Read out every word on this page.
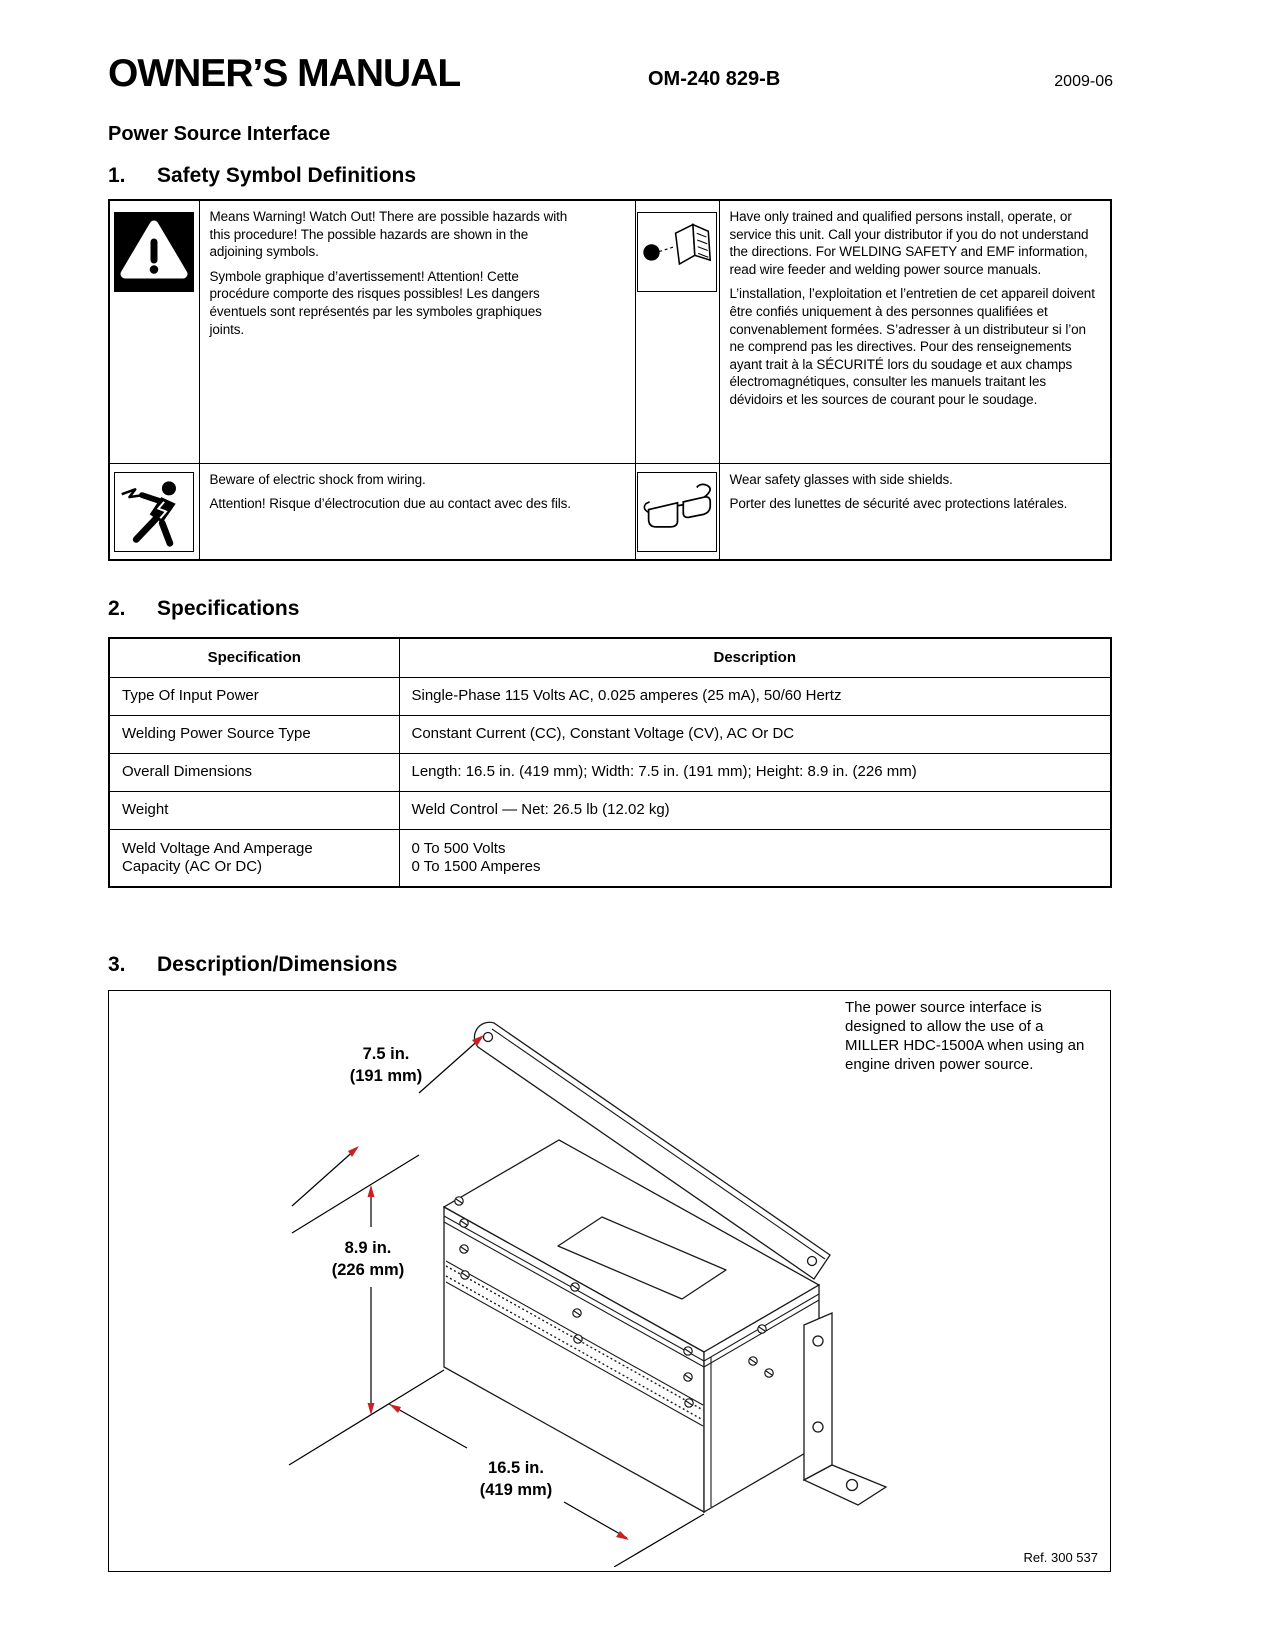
OWNER’S MANUAL	OM-240 829-B	2009-06
Power Source Interface
1.	Safety Symbol Definitions

Means Warning! Watch Out! There are possible hazards with this procedure! The possible hazards are shown in the adjoining symbols.

Symbole graphique d’avertissement! Attention! Cette procédure comporte des risques possibles! Les dangers éventuels sont représentés par les symboles graphiques joints.

Have only trained and qualified persons install, operate, or service this unit. Call your distributor if you do not understand the directions. For WELDING SAFETY and EMF information, read wire feeder and welding power source manuals.

L’installation, l’exploitation et l’entretien de cet appareil doivent être confiés uniquement à des personnes qualifiées et convenablement formées. S’adresser à un distributeur si l’on ne comprend pas les directives. Pour des renseignements ayant trait à la SÉCURITÉ lors du soudage et aux champs électromagnétiques, consulter les manuels traitant les dévidoirs et les sources de courant pour le soudage.

Beware of electric shock from wiring.

Attention! Risque d’électrocution due au contact avec des fils.

Wear safety glasses with side shields.

Porter des lunettes de sécurité avec protections latérales.

2.	Specifications
Specification	Description
Type Of Input Power	Single-Phase 115 Volts AC, 0.025 amperes (25 mA), 50/60 Hertz
Welding Power Source Type	Constant Current (CC), Constant Voltage (CV), AC Or DC
Overall Dimensions	Length: 16.5 in. (419 mm); Width: 7.5 in. (191 mm); Height: 8.9 in. (226 mm)
Weight	Weld Control — Net: 26.5 lb (12.02 kg)
Weld Voltage And Amperage Capacity (AC Or DC)	0 To 500 Volts
0 To 1500 Amperes
3.	Description/Dimensions
The power source interface is designed to allow the use of a MILLER HDC-1500A when using an engine driven power source.
7.5 in.
(191 mm)
8.9 in.
(226 mm)
16.5 in.
(419 mm)
Ref. 300 537
